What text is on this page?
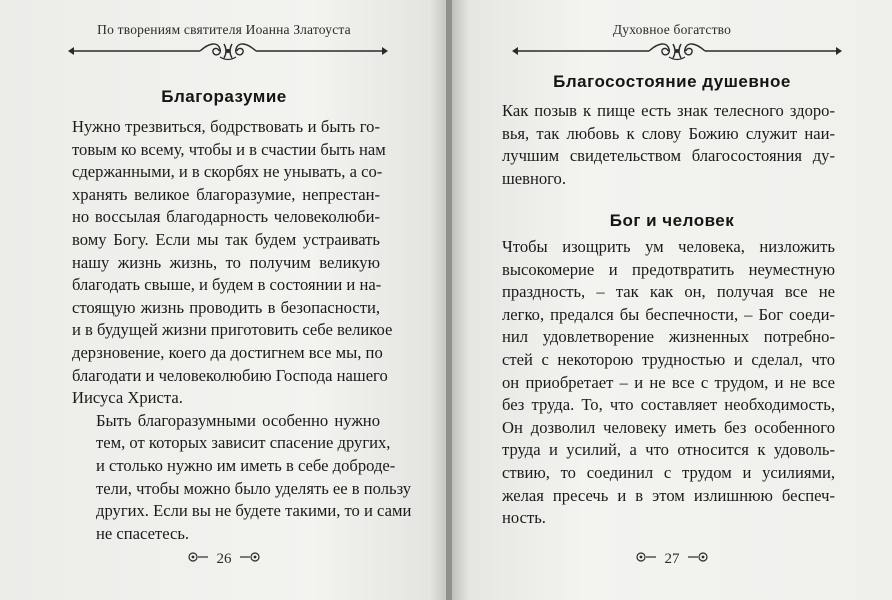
По творениям святителя Иоанна Златоуста
Благоразумие

Нужно трезвиться, бодрствовать и быть го-
товым ко всему, чтобы и в счастии быть нам
сдержанными, и в скорбях не унывать, а со-
хранять великое благоразумие, непрестан-
но воссылая благодарность человеколюби-
вому Богу. Если мы так будем устраивать
нашу жизнь жизнь, то получим великую
благодать свыше, и будем в состоянии и на-
стоящую жизнь проводить в безопасности,
и в будущей жизни приготовить себе великое
дерзновение, коего да достигнем все мы, по
благодати и человеколюбию Господа нашего
Иисуса Христа.

Быть благоразумными особенно нужно
тем, от которых зависит спасение других,
и столько нужно им иметь в себе доброде-
тели, чтобы можно было уделять ее в пользу
других. Если вы не будете такими, то и сами
не спасетесь.

26
Духовное богатство
Благосостояние душевное
Как позыв к пище есть знак телесного здоро-
вья, так любовь к слову Божию служит наи-
лучшим свидетельством благосостояния ду-
шевного.
Бог и человек
Чтобы изощрить ум человека, низложить
высокомерие и предотвратить неуместную
праздность, – так как он, получая все не
легко, предался бы беспечности, – Бог соеди-
нил удовлетворение жизненных потребно-
стей с некоторою трудностью и сделал, что
он приобретает – и не все с трудом, и не все
без труда. То, что составляет необходимость,
Он дозволил человеку иметь без особенного
труда и усилий, а что относится к удоволь-
ствию, то соединил с трудом и усилиями,
желая пресечь и в этом излишнюю беспеч-
ность.
27
